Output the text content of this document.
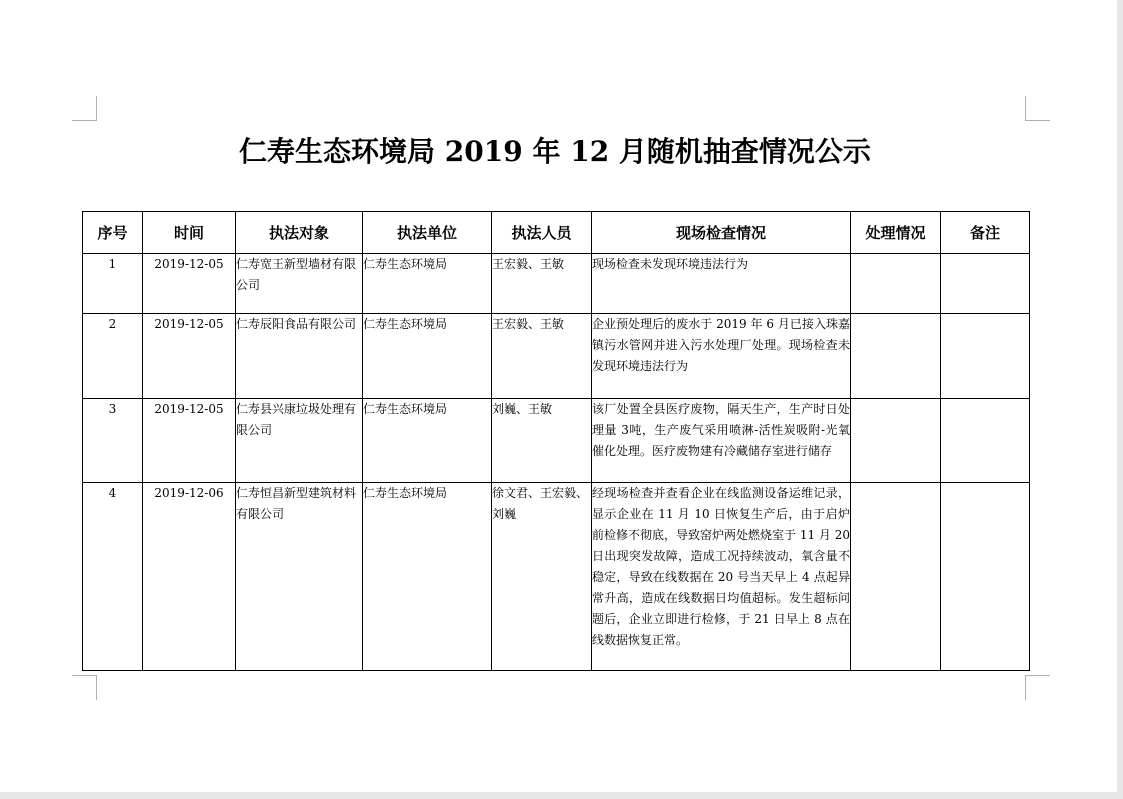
仁寿生态环境局 2019 年 12 月随机抽查情况公示
序号	时间	执法对象	执法单位	执法人员	现场检查情况	处理情况	备注
1	2019-12-05	仁寿宽王新型墙材有限公司	仁寿生态环境局	王宏毅、王敏	现场检查未发现环境违法行为		
2	2019-12-05	仁寿辰阳食品有限公司	仁寿生态环境局	王宏毅、王敏	企业预处理后的废水于 2019 年 6 月已接入珠嘉镇污水管网并进入污水处理厂处理。现场检查未发现环境违法行为		
3	2019-12-05	仁寿县兴康垃圾处理有限公司	仁寿生态环境局	刘巍、王敏	该厂处置全县医疗废物，隔天生产，生产时日处理量 3吨，生产废气采用喷淋-活性炭吸附-光氧催化处理。医疗废物建有冷藏储存室进行储存		
4	2019-12-06	仁寿恒昌新型建筑材料有限公司	仁寿生态环境局	徐文君、王宏毅、刘巍	经现场检查并查看企业在线监测设备运维记录，显示企业在 11 月 10 日恢复生产后，由于启炉前检修不彻底，导致窑炉两处燃烧室于 11 月 20 日出现突发故障，造成工况持续波动，氧含量不稳定，导致在线数据在 20 号当天早上 4 点起异常升高，造成在线数据日均值超标。发生超标问题后，企业立即进行检修，于 21 日早上 8 点在线数据恢复正常。		
